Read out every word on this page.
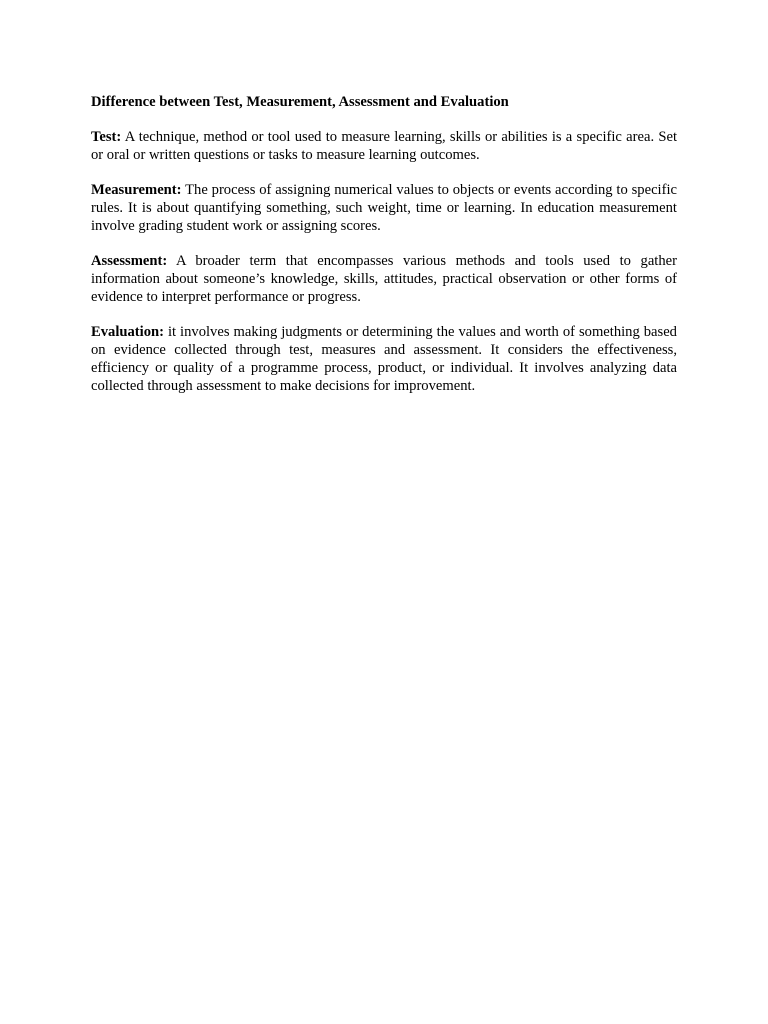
Difference between Test, Measurement, Assessment and Evaluation

Test: A technique, method or tool used to measure learning, skills or abilities is a specific area. Set or oral or written questions or tasks to measure learning outcomes.

Measurement: The process of assigning numerical values to objects or events according to specific rules. It is about quantifying something, such weight, time or learning. In education measurement involve grading student work or assigning scores.

Assessment: A broader term that encompasses various methods and tools used to gather information about someone’s knowledge, skills, attitudes, practical observation or other forms of evidence to interpret performance or progress.

Evaluation: it involves making judgments or determining the values and worth of something based on evidence collected through test, measures and assessment. It considers the effectiveness, efficiency or quality of a programme process, product, or individual. It involves analyzing data collected through assessment to make decisions for improvement.
